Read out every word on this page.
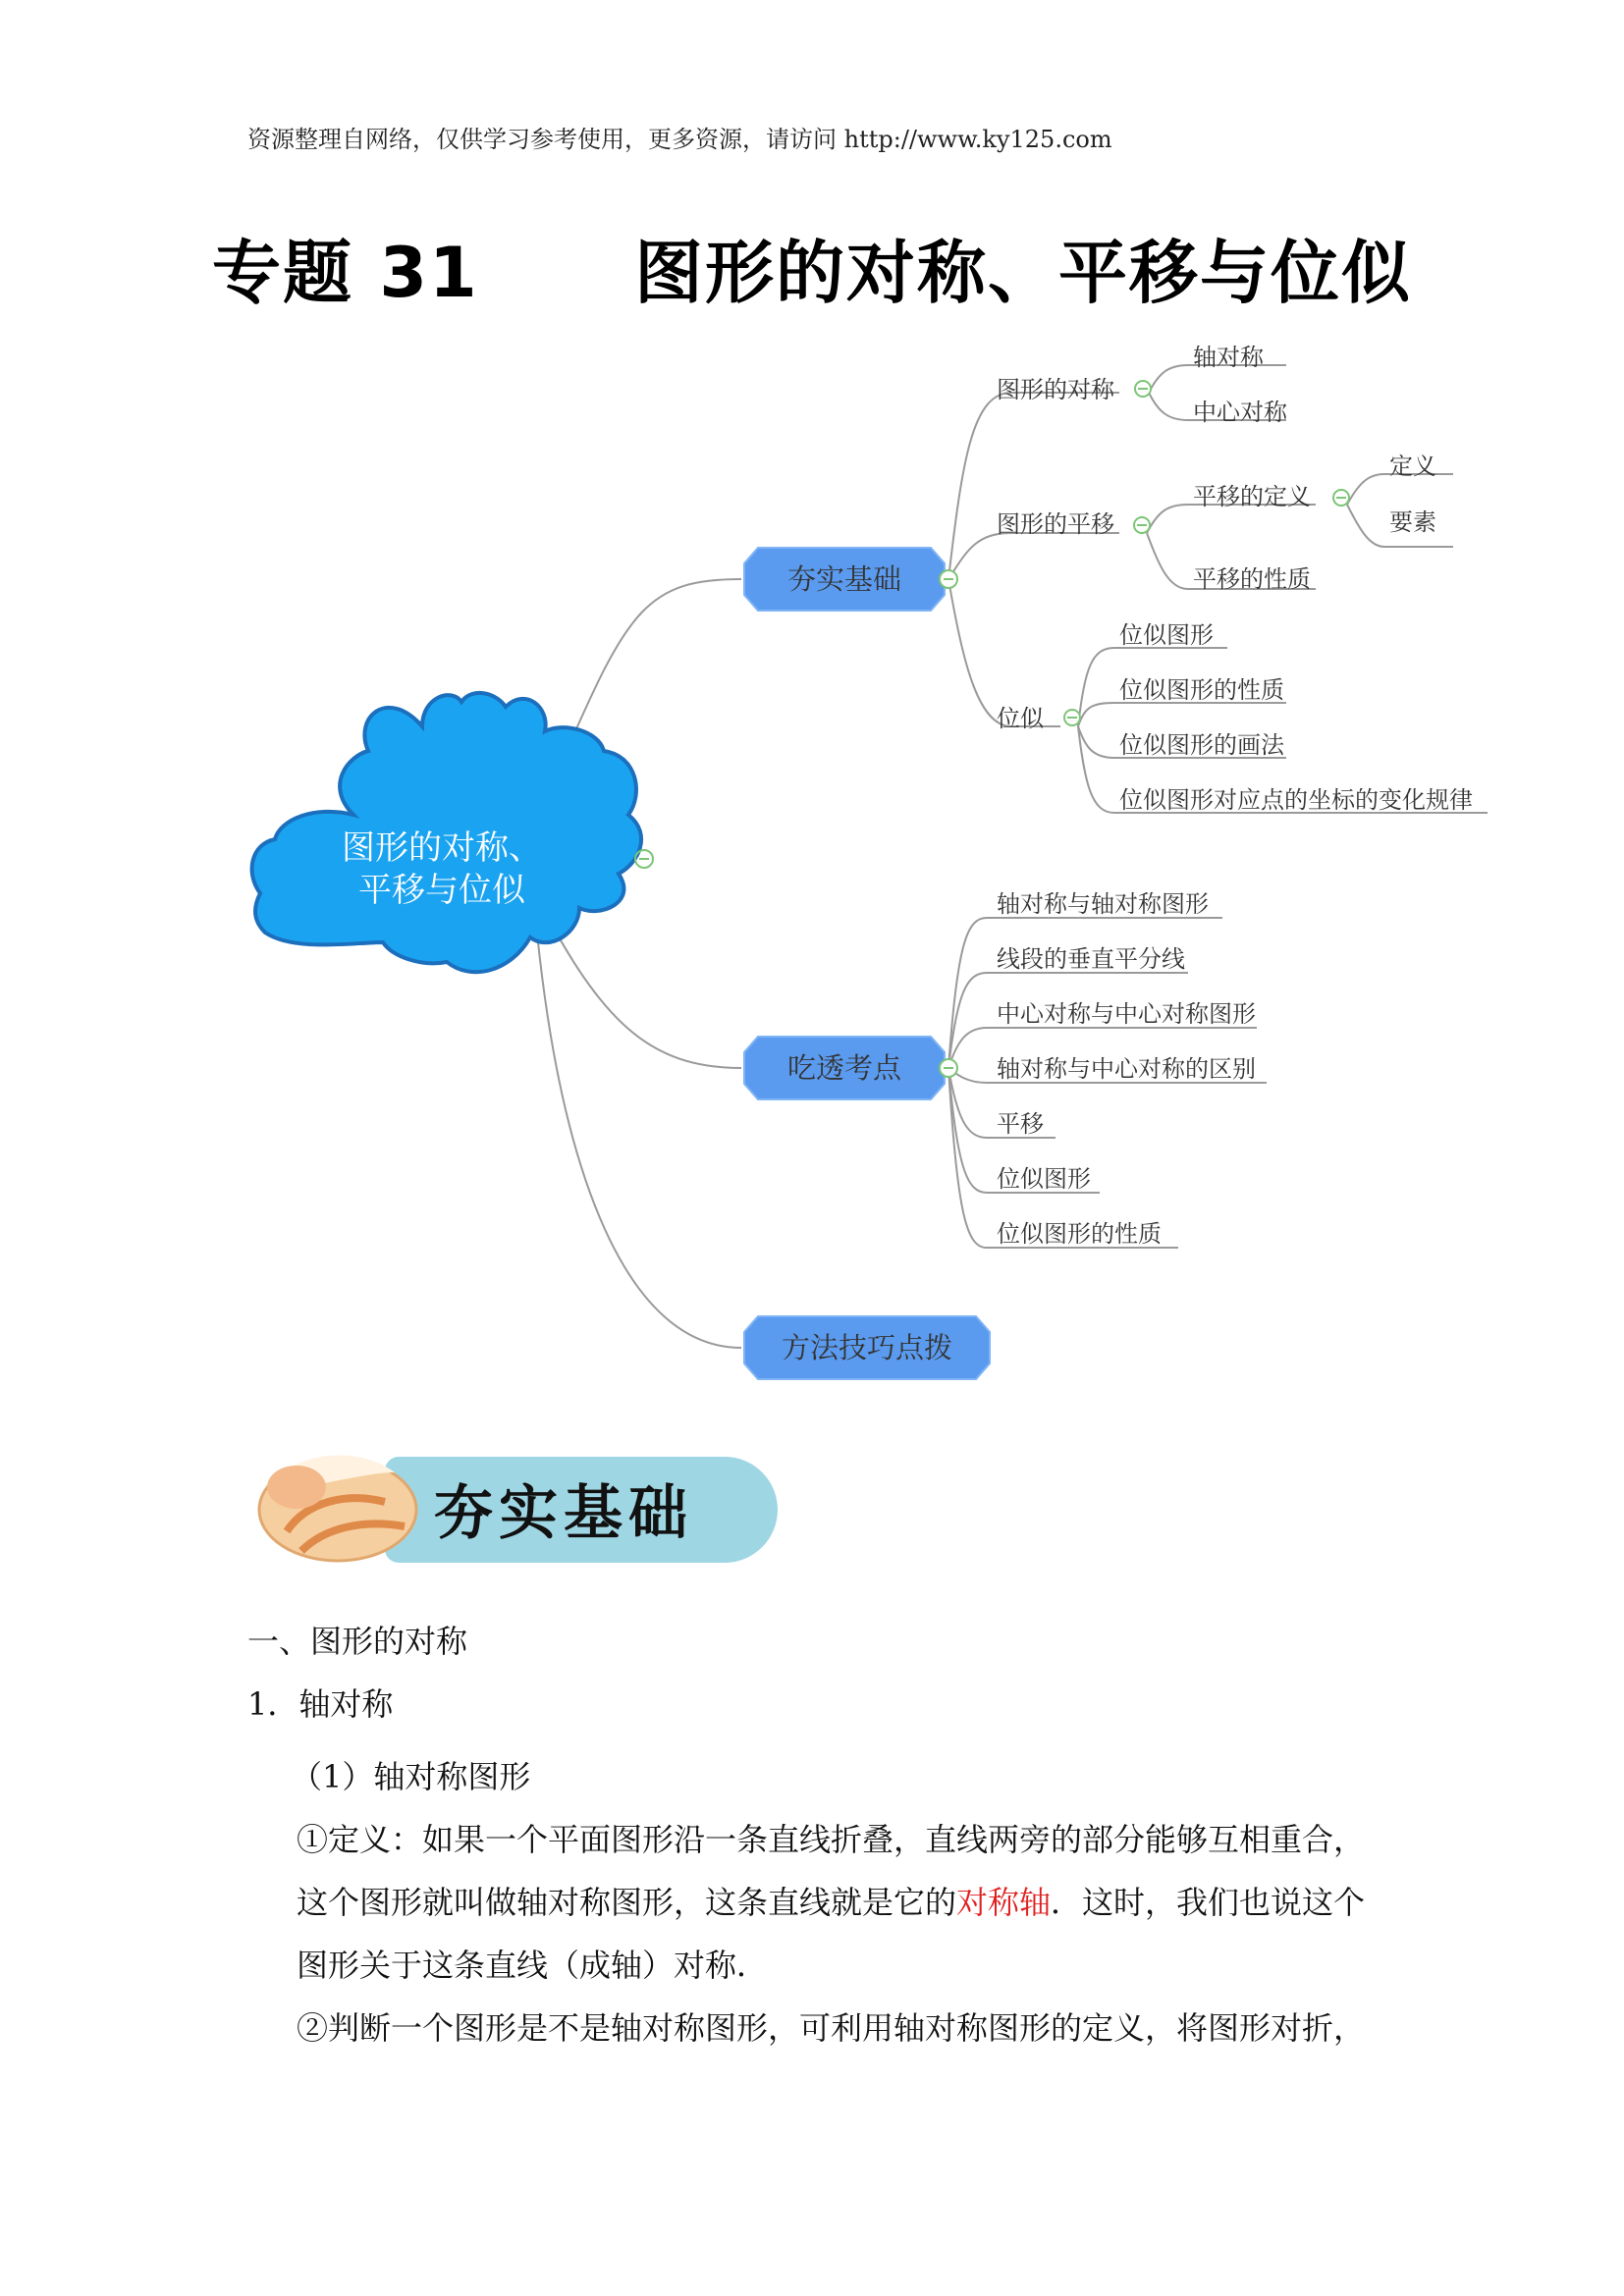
资源整理自网络，仅供学习参考使用，更多资源，请访问 http://www.ky125.com
专题 31      图形的对称、平移与位似
图形的对称、
平移与位似
夯实基础
吃透考点
方法技巧点拨
图形的对称
轴对称
中心对称
图形的平移
平移的定义
定义
要素
平移的性质
位似
位似图形
位似图形的性质
位似图形的画法
位似图形对应点的坐标的变化规律
轴对称与轴对称图形
线段的垂直平分线
中心对称与中心对称图形
轴对称与中心对称的区别
平移
位似图形
位似图形的性质
夯实基础

一、图形的对称

1．轴对称

（1）轴对称图形

①定义：如果一个平面图形沿一条直线折叠，直线两旁的部分能够互相重合，这个图形就叫做轴对称图形，这条直线就是它的对称轴．这时，我们也说这个图形关于这条直线（成轴）对称．

②判断一个图形是不是轴对称图形，可利用轴对称图形的定义，将图形对折，
